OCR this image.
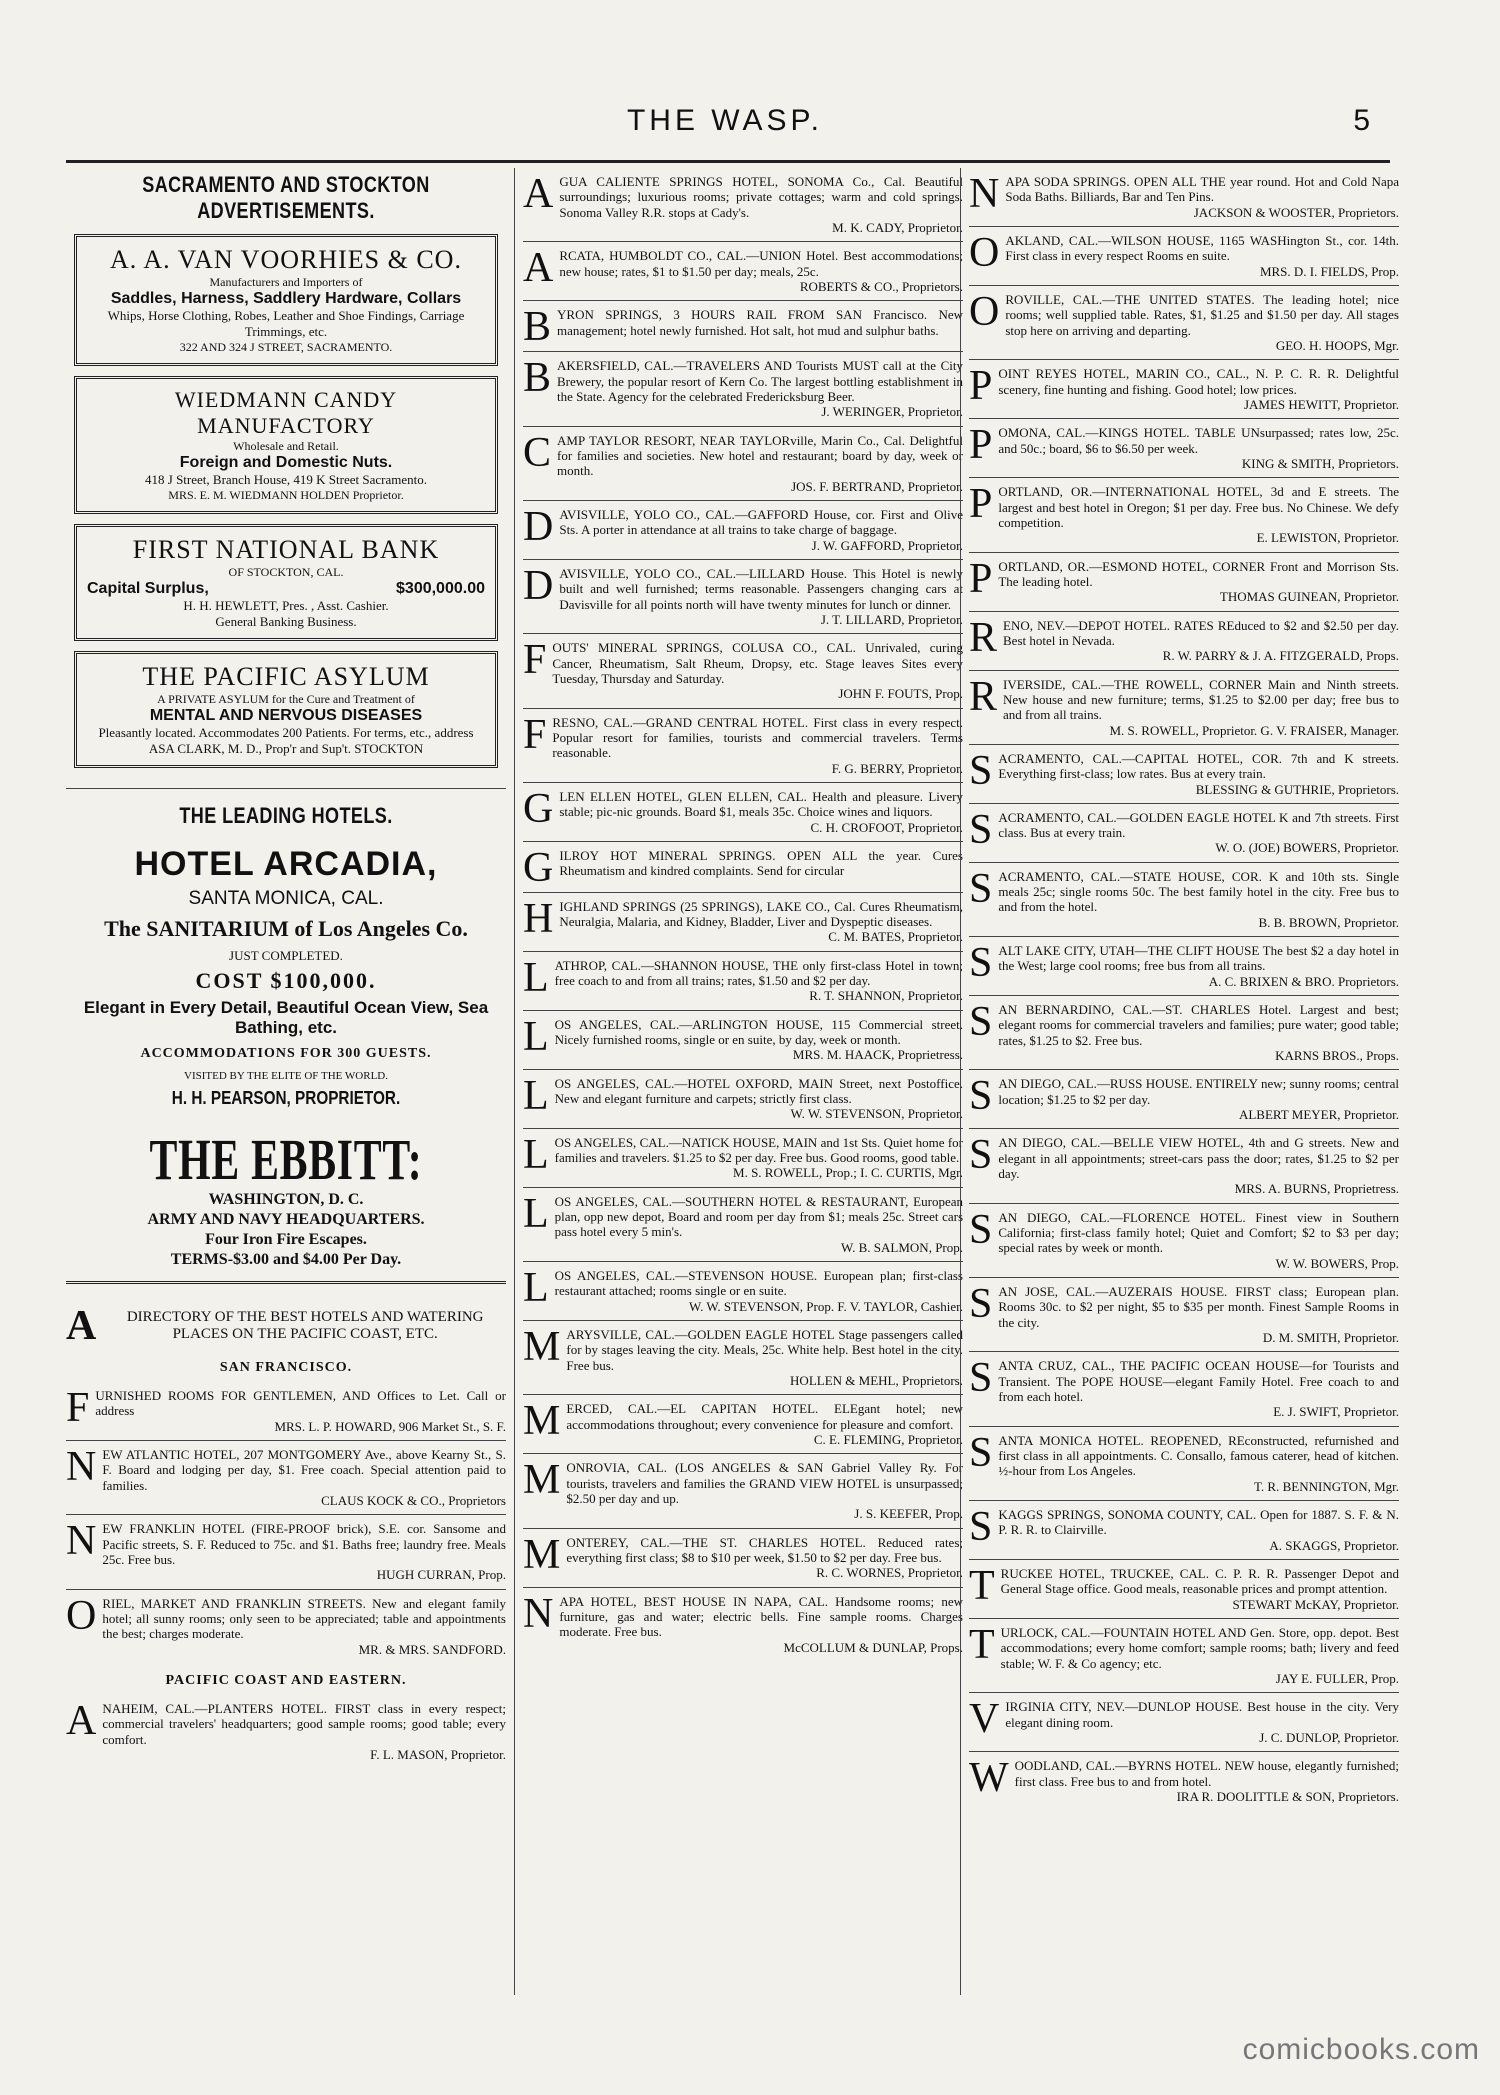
THE WASP.	5
SACRAMENTO AND STOCKTON ADVERTISEMENTS.
A. A. VAN VOORHIES & CO.
Manufacturers and Importers of
Saddles, Harness, Saddlery Hardware, Collars
Whips, Horse Clothing, Robes, Leather and Shoe Findings, Carriage Trimmings, etc.
322 AND 324 J STREET, SACRAMENTO.
WIEDMANN CANDY MANUFACTORY
Wholesale and Retail.
Foreign and Domestic Nuts.
418 J Street, Branch House, 419 K Street Sacramento.
MRS. E. M. WIEDMANN HOLDEN Proprietor.
FIRST NATIONAL BANK
OF STOCKTON, CAL.
Capital Surplus,	$300,000.00
H. H. HEWLETT, Pres. , Asst. Cashier.
General Banking Business.
THE PACIFIC ASYLUM
A PRIVATE ASYLUM for the Cure and Treatment of
MENTAL AND NERVOUS DISEASES
Pleasantly located. Accommodates 200 Patients. For terms, etc., address
ASA CLARK, M. D., Prop'r and Sup't. STOCKTON
THE LEADING HOTELS.
HOTEL ARCADIA,
SANTA MONICA, CAL.
The SANITARIUM of Los Angeles Co.
JUST COMPLETED.
COST $100,000.
Elegant in Every Detail, Beautiful Ocean View, Sea Bathing, etc.
ACCOMMODATIONS FOR 300 GUESTS.
VISITED BY THE ELITE OF THE WORLD.
H. H. PEARSON, PROPRIETOR.
THE EBBITT:
WASHINGTON, D. C.
ARMY AND NAVY HEADQUARTERS.
Four Iron Fire Escapes.
TERMS-$3.00 and $4.00 Per Day.
A	DIRECTORY OF THE BEST HOTELS AND WATERING PLACES ON THE PACIFIC COAST, ETC.
SAN FRANCISCO.
F URNISHED ROOMS FOR GENTLEMEN, AND Offices to Let. Call or address
MRS. L. P. HOWARD, 906 Market St., S. F.
N EW ATLANTIC HOTEL, 207 MONTGOMERY Ave., above Kearny St., S. F. Board and lodging per day, $1. Free coach. Special attention paid to families.
CLAUS KOCK & CO., Proprietors
N EW FRANKLIN HOTEL (FIRE-PROOF brick), S.E. cor. Sansome and Pacific streets, S. F. Reduced to 75c. and $1. Baths free; laundry free. Meals 25c. Free bus.
HUGH CURRAN, Prop.
O RIEL, MARKET AND FRANKLIN STREETS. New and elegant family hotel; all sunny rooms; only seen to be appreciated; table and appointments the best; charges moderate.
MR. & MRS. SANDFORD.
PACIFIC COAST AND EASTERN.
A NAHEIM, CAL.—PLANTERS HOTEL. FIRST class in every respect; commercial travelers' headquarters; good sample rooms; good table; every comfort.
F. L. MASON, Proprietor.
A GUA CALIENTE SPRINGS HOTEL, SONOMA Co., Cal. Beautiful surroundings; luxurious rooms; private cottages; warm and cold springs. Sonoma Valley R.R. stops at Cady's.
M. K. CADY, Proprietor.
A RCATA, HUMBOLDT CO., CAL.—UNION Hotel. Best accommodations; new house; rates, $1 to $1.50 per day; meals, 25c.
ROBERTS & CO., Proprietors.
B YRON SPRINGS, 3 HOURS RAIL FROM SAN Francisco. New management; hotel newly furnished. Hot salt, hot mud and sulphur baths.
B AKERSFIELD, CAL.—TRAVELERS AND Tourists MUST call at the City Brewery, the popular resort of Kern Co. The largest bottling establishment in the State. Agency for the celebrated Fredericksburg Beer.
J. WERINGER, Proprietor.
C AMP TAYLOR RESORT, NEAR TAYLORville, Marin Co., Cal. Delightful for families and societies. New hotel and restaurant; board by day, week or month.
JOS. F. BERTRAND, Proprietor.
D AVISVILLE, YOLO CO., CAL.—GAFFORD House, cor. First and Olive Sts. A porter in attendance at all trains to take charge of baggage.
J. W. GAFFORD, Proprietor.
D AVISVILLE, YOLO CO., CAL.—LILLARD House. This Hotel is newly built and well furnished; terms reasonable. Passengers changing cars at Davisville for all points north will have twenty minutes for lunch or dinner.
J. T. LILLARD, Proprietor.
F OUTS' MINERAL SPRINGS, COLUSA CO., CAL. Unrivaled, curing Cancer, Rheumatism, Salt Rheum, Dropsy, etc. Stage leaves Sites every Tuesday, Thursday and Saturday.
JOHN F. FOUTS, Prop.
F RESNO, CAL.—GRAND CENTRAL HOTEL. First class in every respect. Popular resort for families, tourists and commercial travelers. Terms reasonable.
F. G. BERRY, Proprietor.
G LEN ELLEN HOTEL, GLEN ELLEN, CAL. Health and pleasure. Livery stable; pic-nic grounds. Board $1, meals 35c. Choice wines and liquors.
C. H. CROFOOT, Proprietor.
G ILROY HOT MINERAL SPRINGS. OPEN ALL the year. Cures Rheumatism and kindred complaints. Send for circular
H IGHLAND SPRINGS (25 SPRINGS), LAKE CO., Cal. Cures Rheumatism, Neuralgia, Malaria, and Kidney, Bladder, Liver and Dyspeptic diseases.
C. M. BATES, Proprietor.
L ATHROP, CAL.—SHANNON HOUSE, THE only first-class Hotel in town; free coach to and from all trains; rates, $1.50 and $2 per day.
R. T. SHANNON, Proprietor.
L OS ANGELES, CAL.—ARLINGTON HOUSE, 115 Commercial street. Nicely furnished rooms, single or en suite, by day, week or month.
MRS. M. HAACK, Proprietress.
L OS ANGELES, CAL.—HOTEL OXFORD, MAIN Street, next Postoffice. New and elegant furniture and carpets; strictly first class.
W. W. STEVENSON, Proprietor.
L OS ANGELES, CAL.—NATICK HOUSE, MAIN and 1st Sts. Quiet home for families and travelers. $1.25 to $2 per day. Free bus. Good rooms, good table.
M. S. ROWELL, Prop.; I. C. CURTIS, Mgr.
L OS ANGELES, CAL.—SOUTHERN HOTEL & RESTAURANT, European plan, opp new depot, Board and room per day from $1; meals 25c. Street cars pass hotel every 5 min's.
W. B. SALMON, Prop.
L OS ANGELES, CAL.—STEVENSON HOUSE. European plan; first-class restaurant attached; rooms single or en suite.
W. W. STEVENSON, Prop. F. V. TAYLOR, Cashier.
M ARYSVILLE, CAL.—GOLDEN EAGLE HOTEL Stage passengers called for by stages leaving the city. Meals, 25c. White help. Best hotel in the city. Free bus.
HOLLEN & MEHL, Proprietors.
M ERCED, CAL.—EL CAPITAN HOTEL. ELEgant hotel; new accommodations throughout; every convenience for pleasure and comfort.
C. E. FLEMING, Proprietor.
M ONROVIA, CAL. (LOS ANGELES & SAN Gabriel Valley Ry. For tourists, travelers and families the GRAND VIEW HOTEL is unsurpassed; $2.50 per day and up.
J. S. KEEFER, Prop.
M ONTEREY, CAL.—THE ST. CHARLES HOTEL. Reduced rates; everything first class; $8 to $10 per week, $1.50 to $2 per day. Free bus.
R. C. WORNES, Proprietor.
N APA HOTEL, BEST HOUSE IN NAPA, CAL. Handsome rooms; new furniture, gas and water; electric bells. Fine sample rooms. Charges moderate. Free bus.
McCOLLUM & DUNLAP, Props.
N APA SODA SPRINGS. OPEN ALL THE year round. Hot and Cold Napa Soda Baths. Billiards, Bar and Ten Pins.
JACKSON & WOOSTER, Proprietors.
O AKLAND, CAL.—WILSON HOUSE, 1165 WASHington St., cor. 14th. First class in every respect Rooms en suite.
MRS. D. I. FIELDS, Prop.
O ROVILLE, CAL.—THE UNITED STATES. The leading hotel; nice rooms; well supplied table. Rates, $1, $1.25 and $1.50 per day. All stages stop here on arriving and departing.
GEO. H. HOOPS, Mgr.
P OINT REYES HOTEL, MARIN CO., CAL., N. P. C. R. R. Delightful scenery, fine hunting and fishing. Good hotel; low prices.
JAMES HEWITT, Proprietor.
P OMONA, CAL.—KINGS HOTEL. TABLE UNsurpassed; rates low, 25c. and 50c.; board, $6 to $6.50 per week.
KING & SMITH, Proprietors.
P ORTLAND, OR.—INTERNATIONAL HOTEL, 3d and E streets. The largest and best hotel in Oregon; $1 per day. Free bus. No Chinese. We defy competition.
E. LEWISTON, Proprietor.
P ORTLAND, OR.—ESMOND HOTEL, CORNER Front and Morrison Sts. The leading hotel.
THOMAS GUINEAN, Proprietor.
R ENO, NEV.—DEPOT HOTEL. RATES REduced to $2 and $2.50 per day. Best hotel in Nevada.
R. W. PARRY & J. A. FITZGERALD, Props.
R IVERSIDE, CAL.—THE ROWELL, CORNER Main and Ninth streets. New house and new furniture; terms, $1.25 to $2.00 per day; free bus to and from all trains.
M. S. ROWELL, Proprietor. G. V. FRAISER, Manager.
S ACRAMENTO, CAL.—CAPITAL HOTEL, COR. 7th and K streets. Everything first-class; low rates. Bus at every train.
BLESSING & GUTHRIE, Proprietors.
S ACRAMENTO, CAL.—GOLDEN EAGLE HOTEL K and 7th streets. First class. Bus at every train.
W. O. (JOE) BOWERS, Proprietor.
S ACRAMENTO, CAL.—STATE HOUSE, COR. K and 10th sts. Single meals 25c; single rooms 50c. The best family hotel in the city. Free bus to and from the hotel.
B. B. BROWN, Proprietor.
S ALT LAKE CITY, UTAH—THE CLIFT HOUSE The best $2 a day hotel in the West; large cool rooms; free bus from all trains.
A. C. BRIXEN & BRO. Proprietors.
S AN BERNARDINO, CAL.—ST. CHARLES Hotel. Largest and best; elegant rooms for commercial travelers and families; pure water; good table; rates, $1.25 to $2. Free bus.
KARNS BROS., Props.
S AN DIEGO, CAL.—RUSS HOUSE. ENTIRELY new; sunny rooms; central location; $1.25 to $2 per day.
ALBERT MEYER, Proprietor.
S AN DIEGO, CAL.—BELLE VIEW HOTEL, 4th and G streets. New and elegant in all appointments; street-cars pass the door; rates, $1.25 to $2 per day.
MRS. A. BURNS, Proprietress.
S AN DIEGO, CAL.—FLORENCE HOTEL. Finest view in Southern California; first-class family hotel; Quiet and Comfort; $2 to $3 per day; special rates by week or month.
W. W. BOWERS, Prop.
S AN JOSE, CAL.—AUZERAIS HOUSE. FIRST class; European plan. Rooms 30c. to $2 per night, $5 to $35 per month. Finest Sample Rooms in the city.
D. M. SMITH, Proprietor.
S ANTA CRUZ, CAL., THE PACIFIC OCEAN HOUSE—for Tourists and Transient. The POPE HOUSE—elegant Family Hotel. Free coach to and from each hotel.
E. J. SWIFT, Proprietor.
S ANTA MONICA HOTEL. REOPENED, REconstructed, refurnished and first class in all appointments. C. Consallo, famous caterer, head of kitchen. ½-hour from Los Angeles.
T. R. BENNINGTON, Mgr.
S KAGGS SPRINGS, SONOMA COUNTY, CAL. Open for 1887. S. F. & N. P. R. R. to Clairville.
A. SKAGGS, Proprietor.
T RUCKEE HOTEL, TRUCKEE, CAL. C. P. R. R. Passenger Depot and General Stage office. Good meals, reasonable prices and prompt attention.
STEWART McKAY, Proprietor.
T URLOCK, CAL.—FOUNTAIN HOTEL AND Gen. Store, opp. depot. Best accommodations; every home comfort; sample rooms; bath; livery and feed stable; W. F. & Co agency; etc.
JAY E. FULLER, Prop.
V IRGINIA CITY, NEV.—DUNLOP HOUSE. Best house in the city. Very elegant dining room.
J. C. DUNLOP, Proprietor.
W OODLAND, CAL.—BYRNS HOTEL. NEW house, elegantly furnished; first class. Free bus to and from hotel.
IRA R. DOOLITTLE & SON, Proprietors.
comicbooks.com
